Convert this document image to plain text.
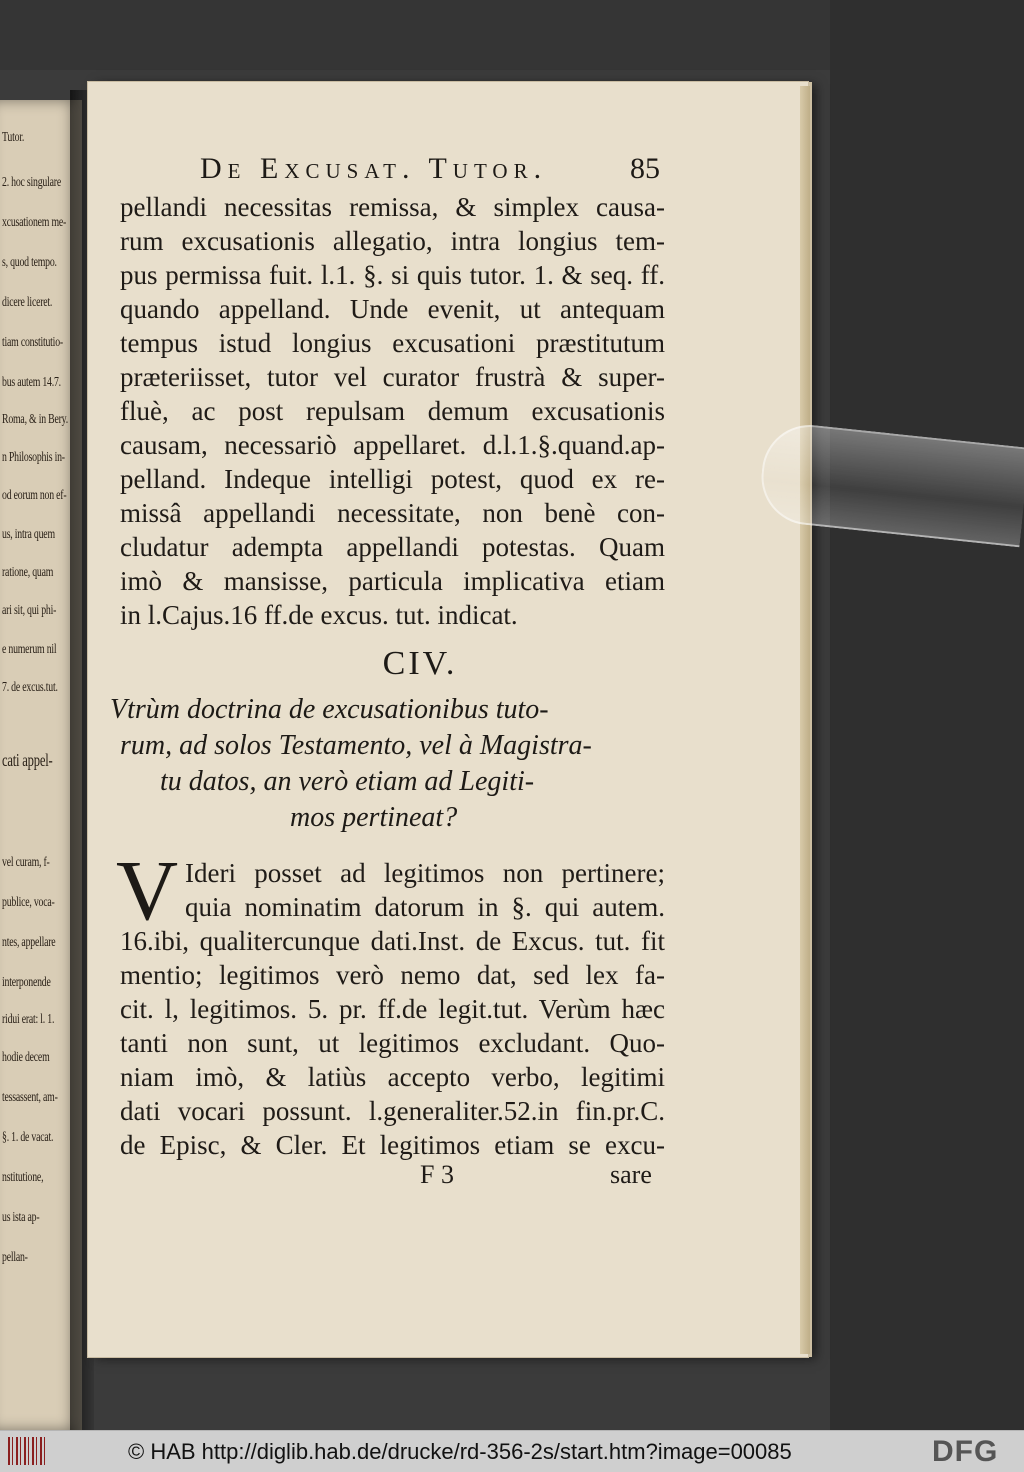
Tutor.
2. hoc singulare
xcusationem me-
s, quod tempo.
dicere liceret.
tiam constitutio-
bus autem 14.7.
Roma, & in Bery.
n Philosophis in-
od eorum non ef-
us, intra quem
ratione, quam
ari sit, qui phi-
e numerum nil
7. de excus.tut.
cati appel-
vel curam, f-
publice, voca-
ntes, appellare
interponende
ridui erat: l. 1.
hodie decem
tessassent, am-
§. 1. de vacat.
nstitutione,
us ista ap-
pellan-
De Excusat. Tutor.	85
pellandi necessitas remissa, & simplex causa-
rum excusationis allegatio, intra longius tem-
pus permissa fuit. l.1. §. si quis tutor. 1. & seq. ff.
quando appelland. Unde evenit, ut antequam
tempus istud longius excusationi præstitutum
præteriisset, tutor vel curator frustrà & super-
fluè, ac post repulsam demum excusationis
causam, necessariò appellaret. d.l.1.§.quand.ap-
pelland. Indeque intelligi potest, quod ex re-
missâ appellandi necessitate, non benè con-
cludatur adempta appellandi potestas. Quam
imò & mansisse, particula implicativa etiam
in l.Cajus.16 ff.de excus. tut. indicat.
CIV.
Vtrùm doctrina de excusationibus tuto-
rum, ad solos Testamento, vel à Magistra-
tu datos, an verò etiam ad Legiti-
mos pertineat?
V Ideri posset ad legitimos non pertinere;
quia nominatim datorum in §. qui autem.
16.ibi, qualitercunque dati.Inst. de Excus. tut. fit
mentio; legitimos verò nemo dat, sed lex fa-
cit. l, legitimos. 5. pr. ff.de legit.tut. Verùm hæc
tanti non sunt, ut legitimos excludant. Quo-
niam imò, & latiùs accepto verbo, legitimi
dati vocari possunt. l.generaliter.52.in fin.pr.C.
de Episc, & Cler. Et legitimos etiam se excu-
F 3	sare
© HAB http://diglib.hab.de/drucke/rd-356-2s/start.htm?image=00085	DFG
